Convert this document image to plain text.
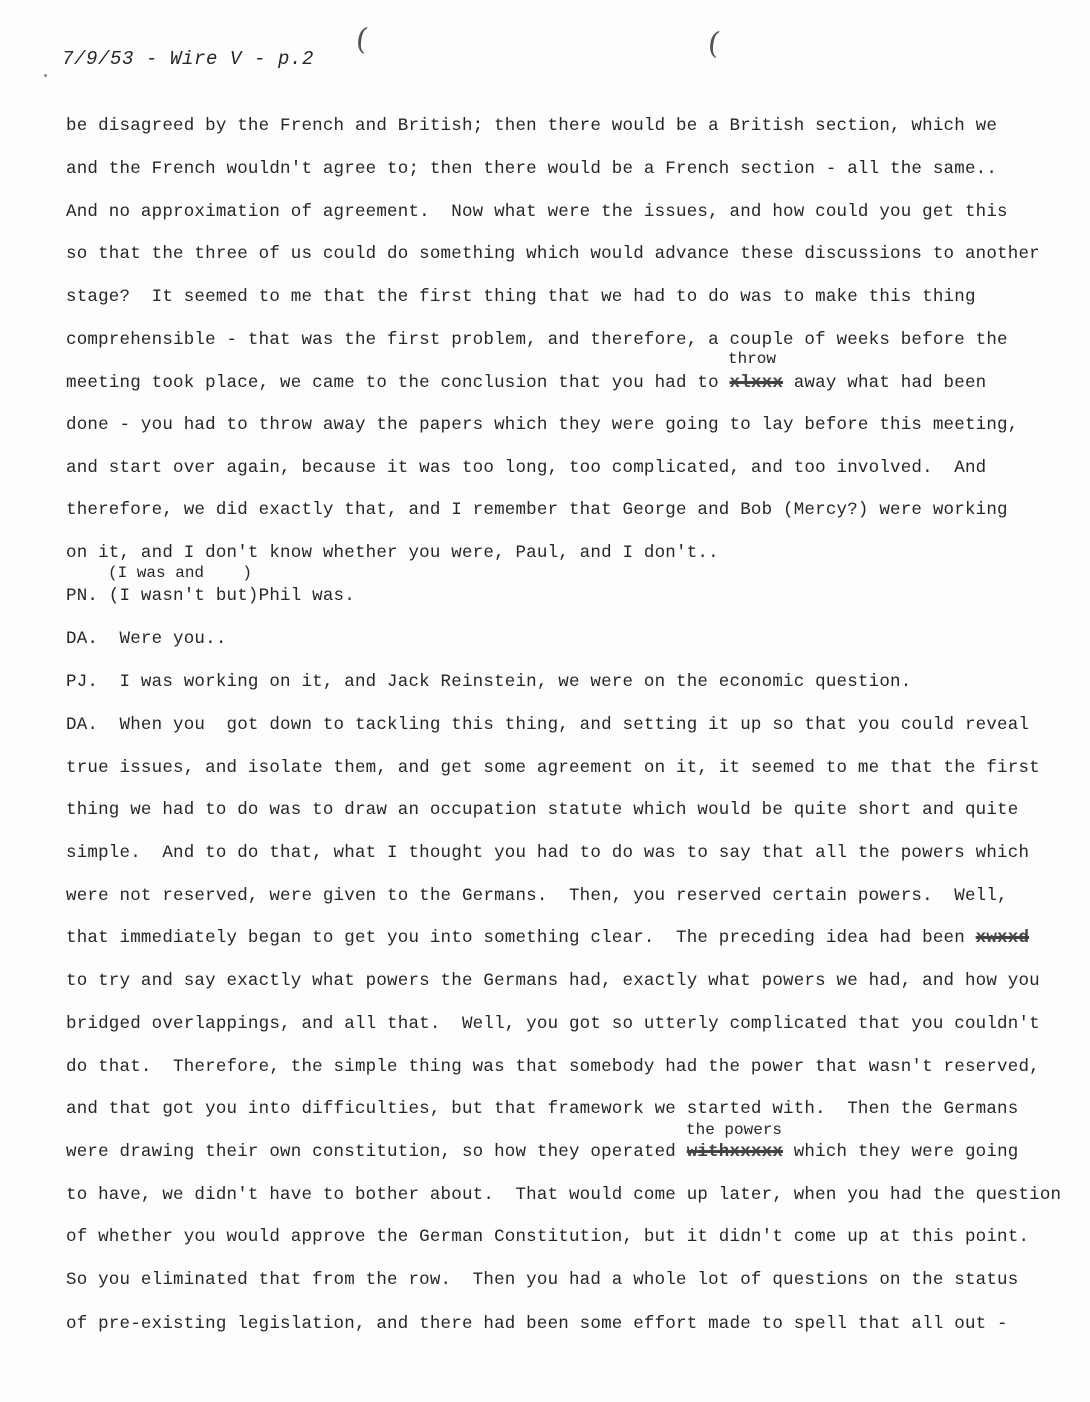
7/9/53 - Wire V - p.2
(	(
be disagreed by the French and British; then there would be a British section, which we
and the French wouldn't agree to; then there would be a French section - all the same..
And no approximation of agreement.  Now what were the issues, and how could you get this
so that the three of us could do something which would advance these discussions to another
stage?  It seemed to me that the first thing that we had to do was to make this thing
comprehensible - that was the first problem, and therefore, a couple of weeks before the
throw
meeting took place, we came to the conclusion that you had to xlxxx away what had been
done - you had to throw away the papers which they were going to lay before this meeting,
and start over again, because it was too long, too complicated, and too involved.  And
therefore, we did exactly that, and I remember that George and Bob (Mercy?) were working
on it, and I don't know whether you were, Paul, and I don't..
(I was and    )
PN. (I wasn't but)Phil was.
DA.  Were you..
PJ.  I was working on it, and Jack Reinstein, we were on the economic question.
DA.  When you  got down to tackling this thing, and setting it up so that you could reveal
true issues, and isolate them, and get some agreement on it, it seemed to me that the first
thing we had to do was to draw an occupation statute which would be quite short and quite
simple.  And to do that, what I thought you had to do was to say that all the powers which
were not reserved, were given to the Germans.  Then, you reserved certain powers.  Well,
that immediately began to get you into something clear.  The preceding idea had been xwxxd
to try and say exactly what powers the Germans had, exactly what powers we had, and how you
bridged overlappings, and all that.  Well, you got so utterly complicated that you couldn't
do that.  Therefore, the simple thing was that somebody had the power that wasn't reserved,
and that got you into difficulties, but that framework we started with.  Then the Germans
the powers
were drawing their own constitution, so how they operated withxxxxx which they were going
to have, we didn't have to bother about.  That would come up later, when you had the question
of whether you would approve the German Constitution, but it didn't come up at this point.
So you eliminated that from the row.  Then you had a whole lot of questions on the status
of pre-existing legislation, and there had been some effort made to spell that all out -
